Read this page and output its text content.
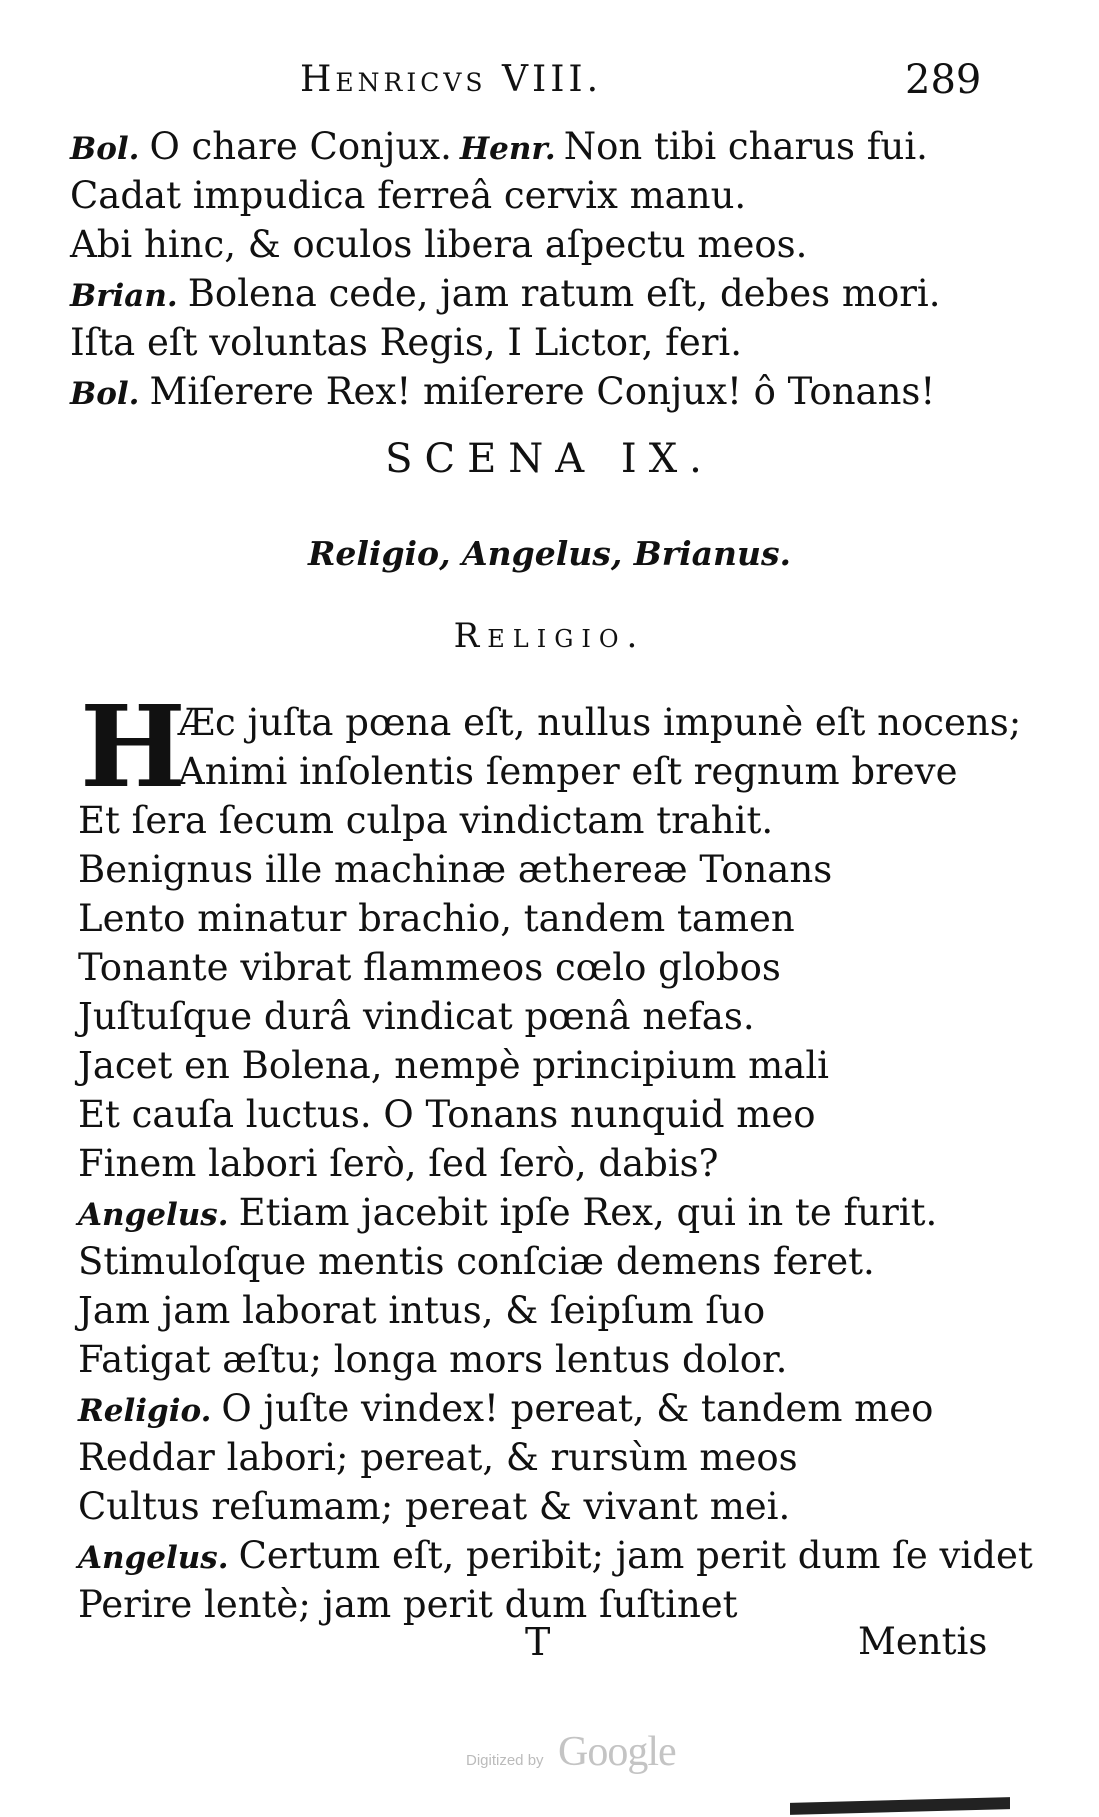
Henricvs VIII.	289
Bol. O chare Conjux. Henr. Non tibi charus fui.
Cadat impudica ferreâ cervix manu.
Abi hinc, & oculos libera aſpectu meos.
Brian. Bolena cede, jam ratum eſt, debes mori.
Iſta eſt voluntas Regis, I Lictor, feri.
Bol. Miſerere Rex! miſerere Conjux! ô Tonans!
SCENA IX.
Religio, Angelus, Brianus.
Religio.
H
Æc juſta pœna eſt, nullus impunè eſt nocens;
Animi inſolentis ſemper eſt regnum breve
Et ſera ſecum culpa vindictam trahit.
Benignus ille machinæ æthereæ Tonans
Lento minatur brachio, tandem tamen
Tonante vibrat flammeos cœlo globos
Juſtuſque durâ vindicat pœnâ nefas.
Jacet en Bolena, nempè principium mali
Et cauſa luctus. O Tonans nunquid meo
Finem labori ſerò, ſed ſerò, dabis?
Angelus. Etiam jacebit ipſe Rex, qui in te furit.
Stimuloſque mentis conſciæ demens feret.
Jam jam laborat intus, & ſeipſum ſuo
Fatigat æſtu; longa mors lentus dolor.
Religio. O juſte vindex! pereat, & tandem meo
Reddar labori; pereat, & rursùm meos
Cultus reſumam; pereat & vivant mei.
Angelus. Certum eſt, peribit; jam perit dum ſe videt
Perire lentè; jam perit dum ſuſtinet
T	Mentis
Digitized by Google
